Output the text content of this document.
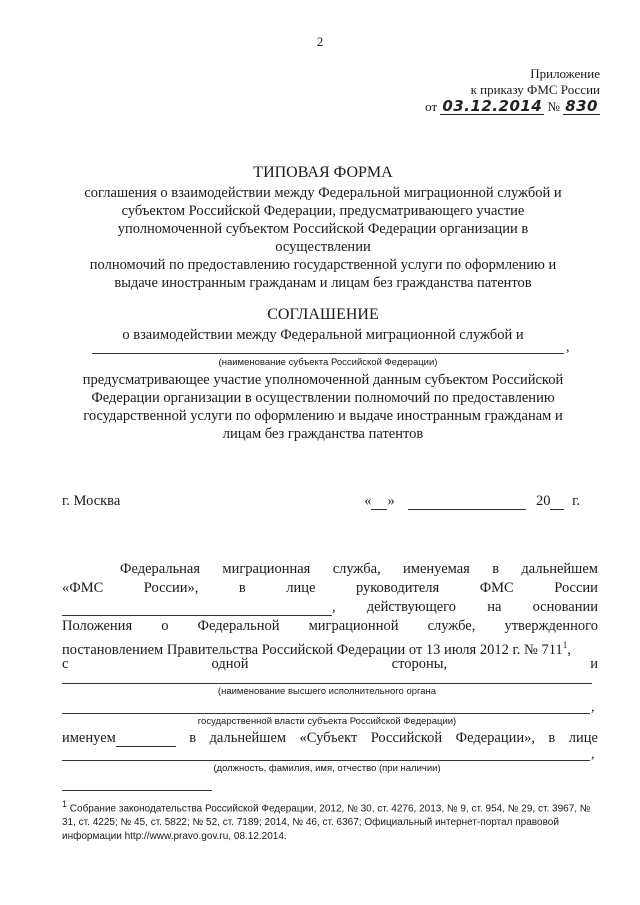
2
Приложение
к приказу ФМС России
от 03.12.2014 № 830
ТИПОВАЯ ФОРМА
соглашения о взаимодействии между Федеральной миграционной службой и
субъектом Российской Федерации, предусматривающего участие
уполномоченной субъектом Российской Федерации организации в осуществлении
полномочий по предоставлению государственной услуги по оформлению и
выдаче иностранным гражданам и лицам без гражданства патентов
СОГЛАШЕНИЕ
о взаимодействии между Федеральной миграционной службой и
,
(наименование субъекта Российской Федерации)
предусматривающее участие уполномоченной данным субъектом Российской
Федерации организации в осуществлении полномочий по предоставлению
государственной услуги по оформлению и выдаче иностранным гражданам и
лицам без гражданства патентов
г. Москва	« »	20 г.
Федеральная миграционная служба, именуемая в дальнейшем
«ФМС	России»,	в	лице	руководителя	ФМС	России
, действующего на основании
Положения о Федеральной миграционной службе, утвержденного
постановлением Правительства Российской Федерации от 13 июля 2012 г. № $711^1$,
с	одной	стороны,	и
(наименование высшего исполнительного органа
,
государственной власти субъекта Российской Федерации)
именуем	в дальнейшем «Субъект Российской Федерации», в лице
,
(должность, фамилия, имя, отчество (при наличии)
$^1$ Собрание законодательства Российской Федерации, 2012, № 30, ст. 4276, 2013, № 9, ст. 954, № 29, ст. 3967, № 31, ст. 4225; № 45, ст. 5822; № 52, ст. 7189; 2014, № 46, ст. 6367; Официальный интернет-портал правовой информации http://www.pravo.gov.ru, 08.12.2014.
